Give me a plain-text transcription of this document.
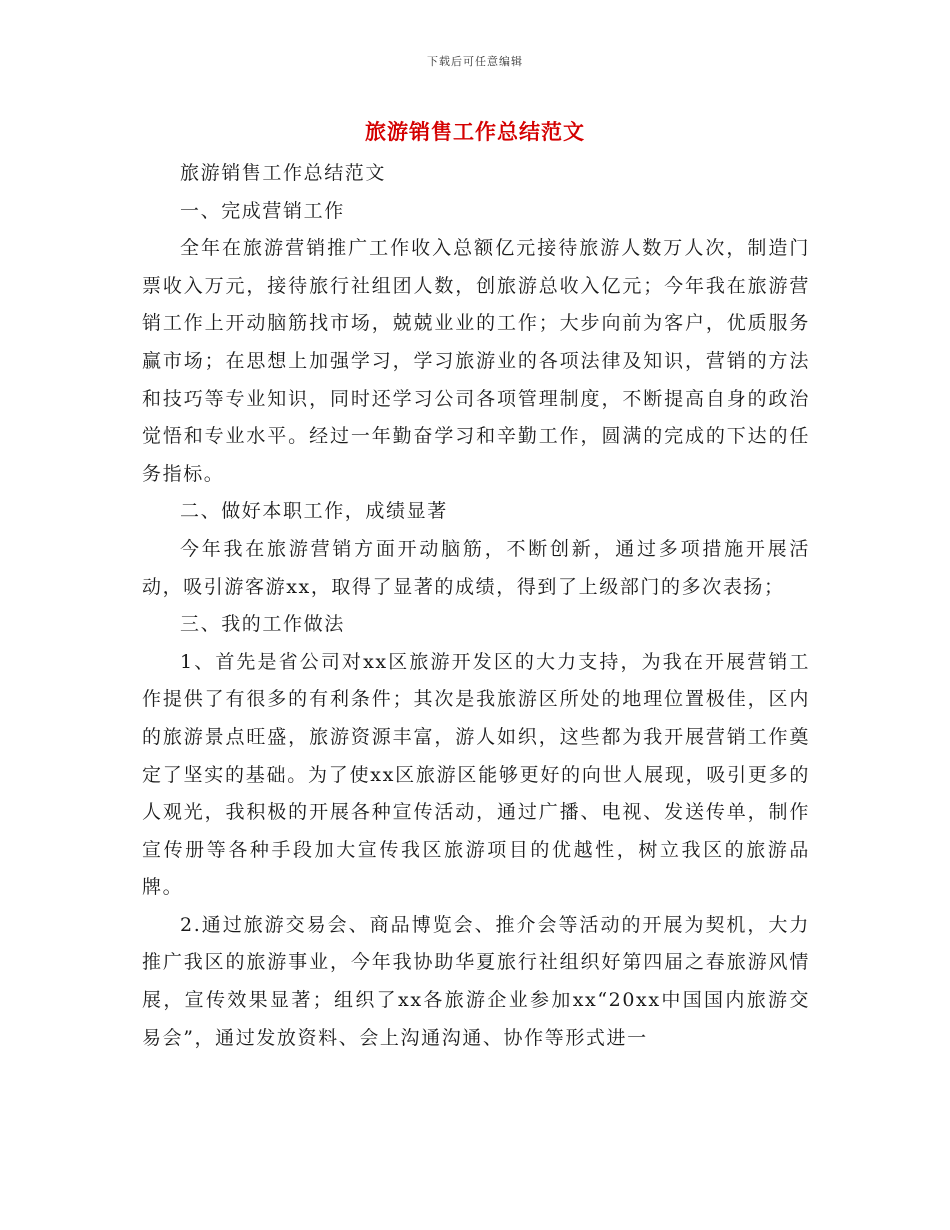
下载后可任意编辑
旅游销售工作总结范文

旅游销售工作总结范文

一、完成营销工作

全年在旅游营销推广工作收入总额亿元接待旅游人数万人次，制造门票收入万元，接待旅行社组团人数，创旅游总收入亿元；今年我在旅游营销工作上开动脑筋找市场，兢兢业业的工作；大步向前为客户，优质服务赢市场；在思想上加强学习，学习旅游业的各项法律及知识，营销的方法和技巧等专业知识，同时还学习公司各项管理制度，不断提高自身的政治觉悟和专业水平。经过一年勤奋学习和辛勤工作，圆满的完成的下达的任务指标。

二、做好本职工作，成绩显著

今年我在旅游营销方面开动脑筋，不断创新，通过多项措施开展活动，吸引游客游xx，取得了显著的成绩，得到了上级部门的多次表扬；

三、我的工作做法

1、首先是省公司对xx区旅游开发区的大力支持，为我在开展营销工作提供了有很多的有利条件；其次是我旅游区所处的地理位置极佳，区内的旅游景点旺盛，旅游资源丰富，游人如织，这些都为我开展营销工作奠定了坚实的基础。为了使xx区旅游区能够更好的向世人展现，吸引更多的人观光，我积极的开展各种宣传活动，通过广播、电视、发送传单，制作宣传册等各种手段加大宣传我区旅游项目的优越性，树立我区的旅游品牌。

2.通过旅游交易会、商品博览会、推介会等活动的开展为契机，大力推广我区的旅游事业，今年我协助华夏旅行社组织好第四届之春旅游风情展，宣传效果显著；组织了xx各旅游企业参加xx“20xx中国国内旅游交易会”，通过发放资料、会上沟通沟通、协作等形式进一
